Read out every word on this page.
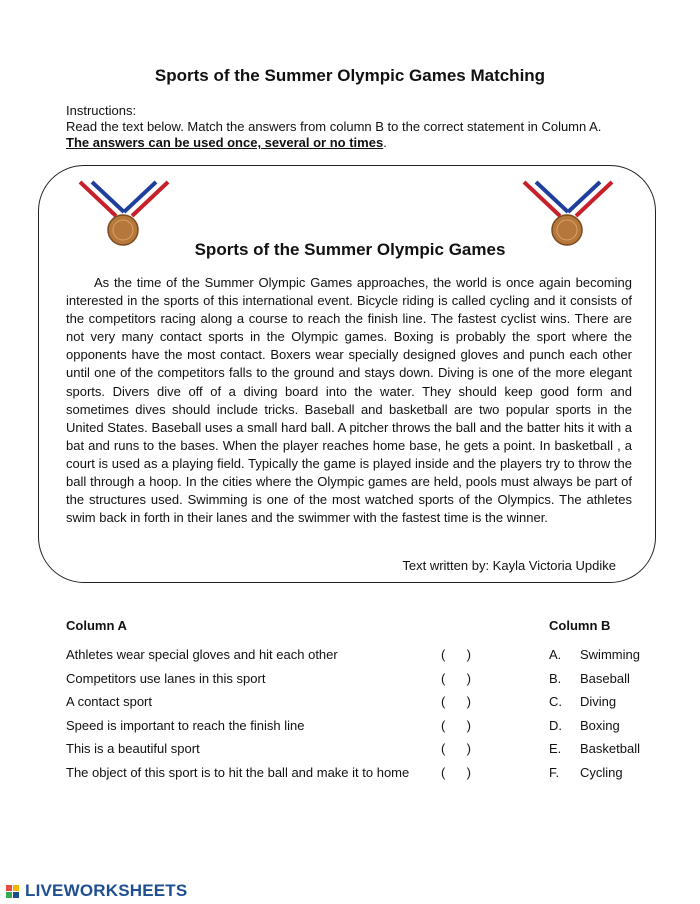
Sports of the Summer Olympic Games Matching
Instructions:
Read the text below. Match the answers from column B to the correct statement in Column A.
The answers can be used once, several or no times.
Sports of the Summer Olympic Games
As the time of the Summer Olympic Games approaches, the world is once again becoming interested in the sports of this international event. Bicycle riding is called cycling and it consists of the competitors racing along a course to reach the finish line. The fastest cyclist wins. There are not very many contact sports in the Olympic games. Boxing is probably the sport where the opponents have the most contact. Boxers wear specially designed gloves and punch each other until one of the competitors falls to the ground and stays down. Diving is one of the more elegant sports. Divers dive off of a diving board into the water. They should keep good form and sometimes dives should include tricks. Baseball and basketball are two popular sports in the United States. Baseball uses a small hard ball. A pitcher throws the ball and the batter hits it with a bat and runs to the bases. When the player reaches home base, he gets a point. In basketball , a court is used as a playing field. Typically the game is played inside and the players try to throw the ball through a hoop. In the cities where the Olympic games are held, pools must always be part of the structures used. Swimming is one of the most watched sports of the Olympics. The athletes swim back in forth in their lanes and the swimmer with the fastest time is the winner.
Text written by: Kayla Victoria Updike
Column A	Column B
Athletes wear special gloves and hit each other	( )	A. Swimming
Competitors use lanes in this sport	( )	B. Baseball
A contact sport	( )	C. Diving
Speed is important to reach the finish line	( )	D. Boxing
This is a beautiful sport	( )	E. Basketball
The object of this sport is to hit the ball and make it to home ( )	F. Cycling
LIVEWORKSHEETS
